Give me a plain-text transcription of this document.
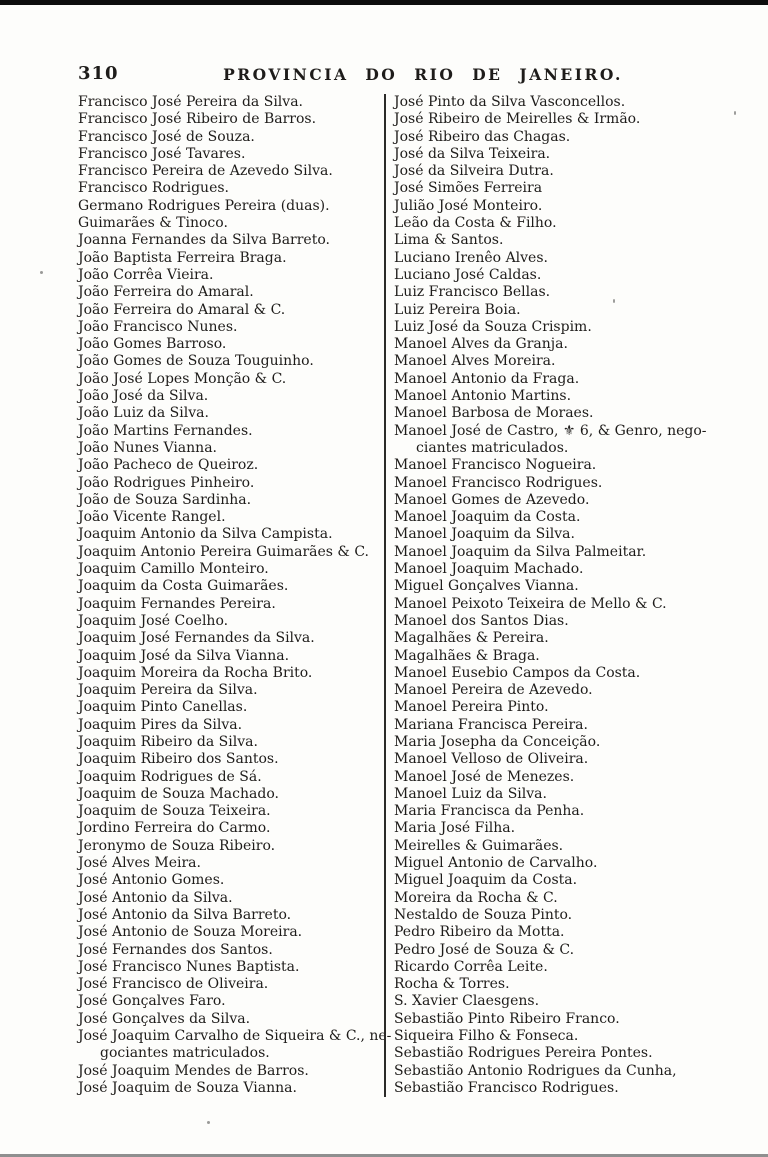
310	PROVINCIA DO RIO DE JANEIRO.
Francisco José Pereira da Silva.
Francisco José Ribeiro de Barros.
Francisco José de Souza.
Francisco José Tavares.
Francisco Pereira de Azevedo Silva.
Francisco Rodrigues.
Germano Rodrigues Pereira (duas).
Guimarães & Tinoco.
Joanna Fernandes da Silva Barreto.
João Baptista Ferreira Braga.
João Corrêa Vieira.
João Ferreira do Amaral.
João Ferreira do Amaral & C.
João Francisco Nunes.
João Gomes Barroso.
João Gomes de Souza Touguinho.
João José Lopes Monção & C.
João José da Silva.
João Luiz da Silva.
João Martins Fernandes.
João Nunes Vianna.
João Pacheco de Queiroz.
João Rodrigues Pinheiro.
João de Souza Sardinha.
João Vicente Rangel.
Joaquim Antonio da Silva Campista.
Joaquim Antonio Pereira Guimarães & C.
Joaquim Camillo Monteiro.
Joaquim da Costa Guimarães.
Joaquim Fernandes Pereira.
Joaquim José Coelho.
Joaquim José Fernandes da Silva.
Joaquim José da Silva Vianna.
Joaquim Moreira da Rocha Brito.
Joaquim Pereira da Silva.
Joaquim Pinto Canellas.
Joaquim Pires da Silva.
Joaquim Ribeiro da Silva.
Joaquim Ribeiro dos Santos.
Joaquim Rodrigues de Sá.
Joaquim de Souza Machado.
Joaquim de Souza Teixeira.
Jordino Ferreira do Carmo.
Jeronymo de Souza Ribeiro.
José Alves Meira.
José Antonio Gomes.
José Antonio da Silva.
José Antonio da Silva Barreto.
José Antonio de Souza Moreira.
José Fernandes dos Santos.
José Francisco Nunes Baptista.
José Francisco de Oliveira.
José Gonçalves Faro.
José Gonçalves da Silva.
José Joaquim Carvalho de Siqueira & C., ne-
gociantes matriculados.
José Joaquim Mendes de Barros.
José Joaquim de Souza Vianna.
José Pinto da Silva Vasconcellos.
José Ribeiro de Meirelles & Irmão.
José Ribeiro das Chagas.
José da Silva Teixeira.
José da Silveira Dutra.
José Simões Ferreira
Julião José Monteiro.
Leão da Costa & Filho.
Lima & Santos.
Luciano Irenêo Alves.
Luciano José Caldas.
Luiz Francisco Bellas.
Luiz Pereira Boia.
Luiz José da Souza Crispim.
Manoel Alves da Granja.
Manoel Alves Moreira.
Manoel Antonio da Fraga.
Manoel Antonio Martins.
Manoel Barbosa de Moraes.
Manoel José de Castro, ⚜ 6, & Genro, nego-
ciantes matriculados.
Manoel Francisco Nogueira.
Manoel Francisco Rodrigues.
Manoel Gomes de Azevedo.
Manoel Joaquim da Costa.
Manoel Joaquim da Silva.
Manoel Joaquim da Silva Palmeitar.
Manoel Joaquim Machado.
Miguel Gonçalves Vianna.
Manoel Peixoto Teixeira de Mello & C.
Manoel dos Santos Dias.
Magalhães & Pereira.
Magalhães & Braga.
Manoel Eusebio Campos da Costa.
Manoel Pereira de Azevedo.
Manoel Pereira Pinto.
Mariana Francisca Pereira.
Maria Josepha da Conceição.
Manoel Velloso de Oliveira.
Manoel José de Menezes.
Manoel Luiz da Silva.
Maria Francisca da Penha.
Maria José Filha.
Meirelles & Guimarães.
Miguel Antonio de Carvalho.
Miguel Joaquim da Costa.
Moreira da Rocha & C.
Nestaldo de Souza Pinto.
Pedro Ribeiro da Motta.
Pedro José de Souza & C.
Ricardo Corrêa Leite.
Rocha & Torres.
S. Xavier Claesgens.
Sebastião Pinto Ribeiro Franco.
Siqueira Filho & Fonseca.
Sebastião Rodrigues Pereira Pontes.
Sebastião Antonio Rodrigues da Cunha,
Sebastião Francisco Rodrigues.
